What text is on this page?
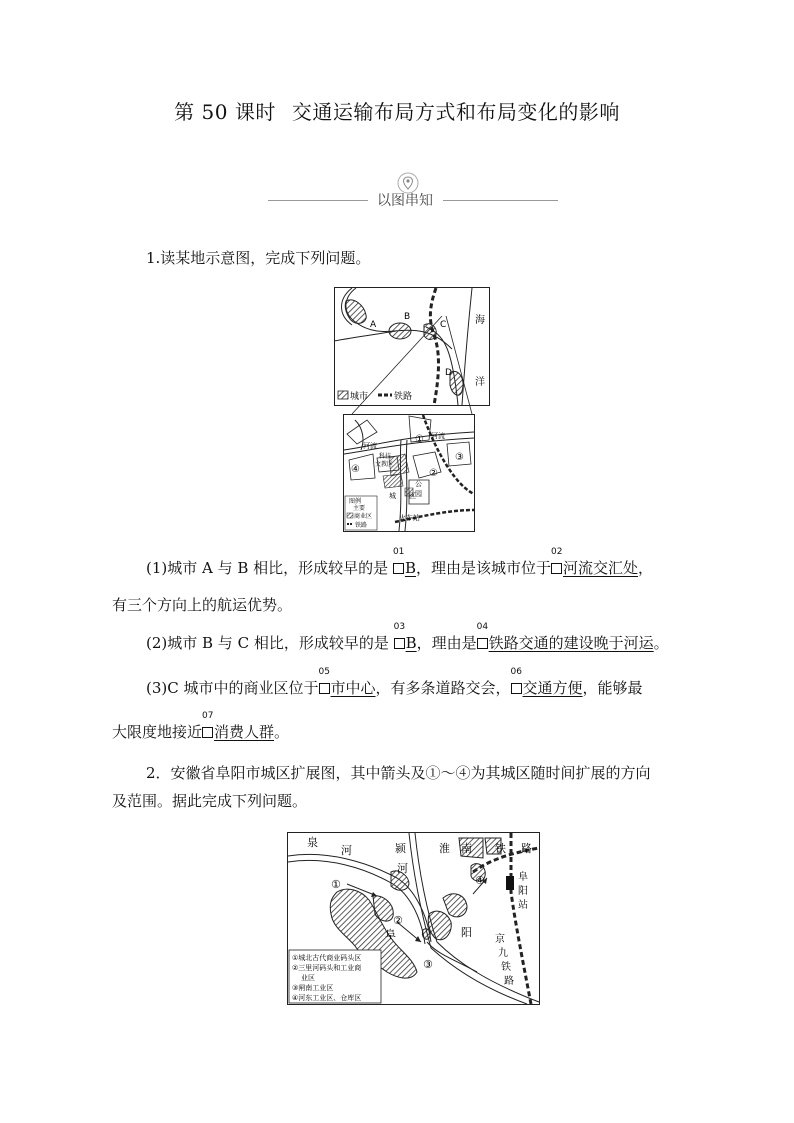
第 50 课时 交通运输布局方式和布局变化的影响
以图串知
1.读某地示意图，完成下列问题。
A
B
C
D
海
洋
城市	铁路
河流
河流
①
②
③
④
科技
文教区
城 区
公
园
火车站
图例
主要
商业区
铁路
(1)城市 A 与 B 相比，形成较早的是
01
B，理由是该城市位于
02
河流交汇处，
有三个方向上的航运优势。
(2)城市 B 与 C 相比，形成较早的是
03
B，理由是
04
铁路交通的建设晚于河运。
(3)C 城市中的商业区位于
05
市中心，有多条道路交会，
06
交通方便，能够最
大限度地接近
07
消费人群。
2．安徽省阜阳市城区扩展图，其中箭头及①～④为其城区随时间扩展的方向
及范围。据此完成下列问题。
泉
河	颍
河
淮 南 铁 路
阜
阳
站
①
②
③
④
阜	阳
京
九
铁
路
①城北古代商业码头区
②三里河码头和工业商
业区
③闸南工业区
④河东工业区、仓库区
